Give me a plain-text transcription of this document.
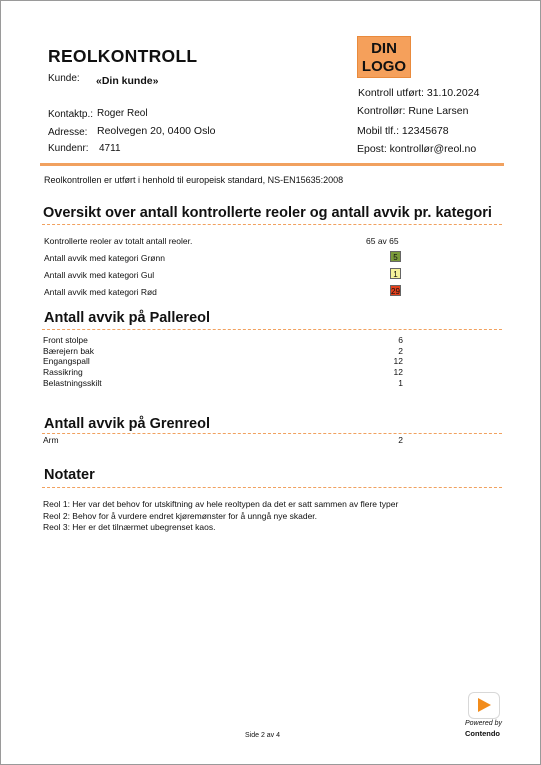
REOLKONTROLL
Kunde: «Din kunde»
Kontaktp.: Roger Reol
Adresse: Reolvegen 20, 0400 Oslo
Kundenr: 4711
DIN
LOGO
Kontroll utført: 31.10.2024
Kontrollør: Rune Larsen
Mobil tlf.: 12345678
Epost: kontrollør@reol.no
Reolkontrollen er utført i henhold til europeisk standard, NS-EN15635:2008
Oversikt over antall kontrollerte reoler og antall avvik pr. kategori
Kontrollerte reoler av totalt antall reoler.	65 av 65
Antall avvik med kategori Grønn	5
Antall avvik med kategori Gul	1
Antall avvik med kategori Rød	29
Antall avvik på Pallereol
Front stolpe	6
Bærejern bak	2
Engangspall	12
Rassikring	12
Belastningsskilt	1
Antall avvik på Grenreol
Arm	2
Notater
Reol 1: Her var det behov for utskiftning av hele reoltypen da det er satt sammen av flere typer
Reol 2: Behov for å vurdere endret kjøremønster for å unngå nye skader.
Reol 3: Her er det tilnærmet ubegrenset kaos.
Side 2 av 4
Powered by
Contendo
